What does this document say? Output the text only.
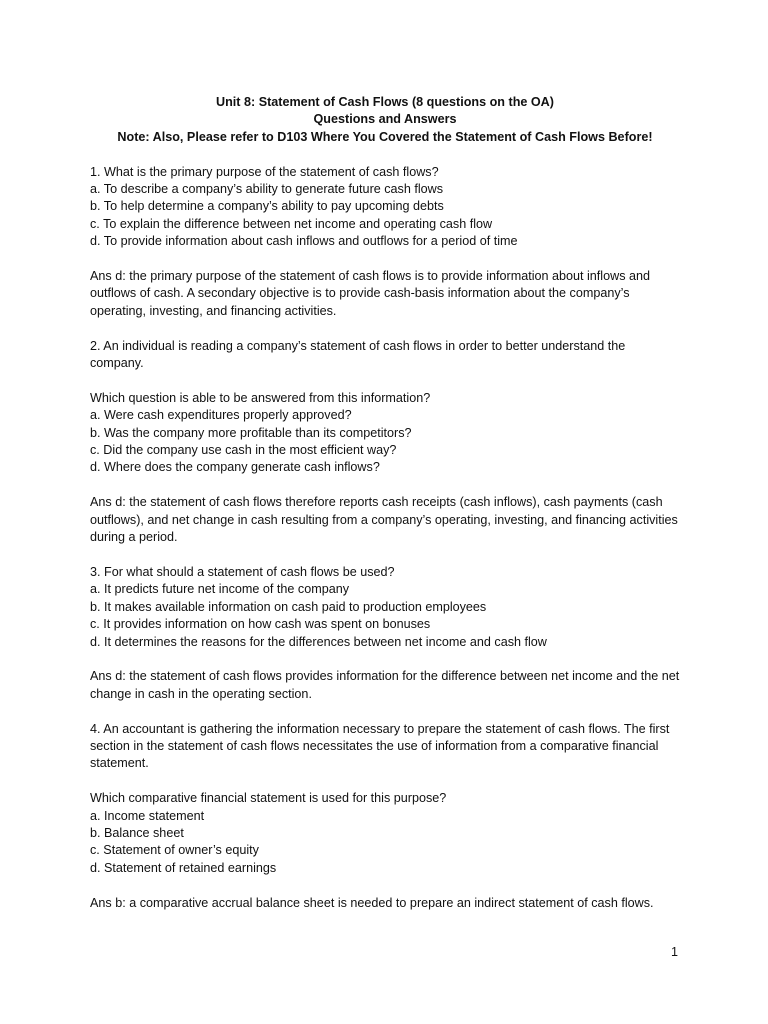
Unit 8: Statement of Cash Flows (8 questions on the OA)
Questions and Answers
Note: Also, Please refer to D103 Where You Covered the Statement of Cash Flows Before!
1. What is the primary purpose of the statement of cash flows?
a. To describe a company’s ability to generate future cash flows
b. To help determine a company’s ability to pay upcoming debts
c. To explain the difference between net income and operating cash flow
d. To provide information about cash inflows and outflows for a period of time
Ans d: the primary purpose of the statement of cash flows is to provide information about inflows and outflows of cash. A secondary objective is to provide cash-basis information about the company’s operating, investing, and financing activities.
2. An individual is reading a company’s statement of cash flows in order to better understand the company.
Which question is able to be answered from this information?
a. Were cash expenditures properly approved?
b. Was the company more profitable than its competitors?
c. Did the company use cash in the most efficient way?
d. Where does the company generate cash inflows?
Ans d: the statement of cash flows therefore reports cash receipts (cash inflows), cash payments (cash outflows), and net change in cash resulting from a company’s operating, investing, and financing activities during a period.
3. For what should a statement of cash flows be used?
a. It predicts future net income of the company
b. It makes available information on cash paid to production employees
c. It provides information on how cash was spent on bonuses
d. It determines the reasons for the differences between net income and cash flow
Ans d: the statement of cash flows provides information for the difference between net income and the net change in cash in the operating section.
4. An accountant is gathering the information necessary to prepare the statement of cash flows. The first section in the statement of cash flows necessitates the use of information from a comparative financial statement.
Which comparative financial statement is used for this purpose?
a. Income statement
b. Balance sheet
c. Statement of owner’s equity
d. Statement of retained earnings
Ans b: a comparative accrual balance sheet is needed to prepare an indirect statement of cash flows.
1
